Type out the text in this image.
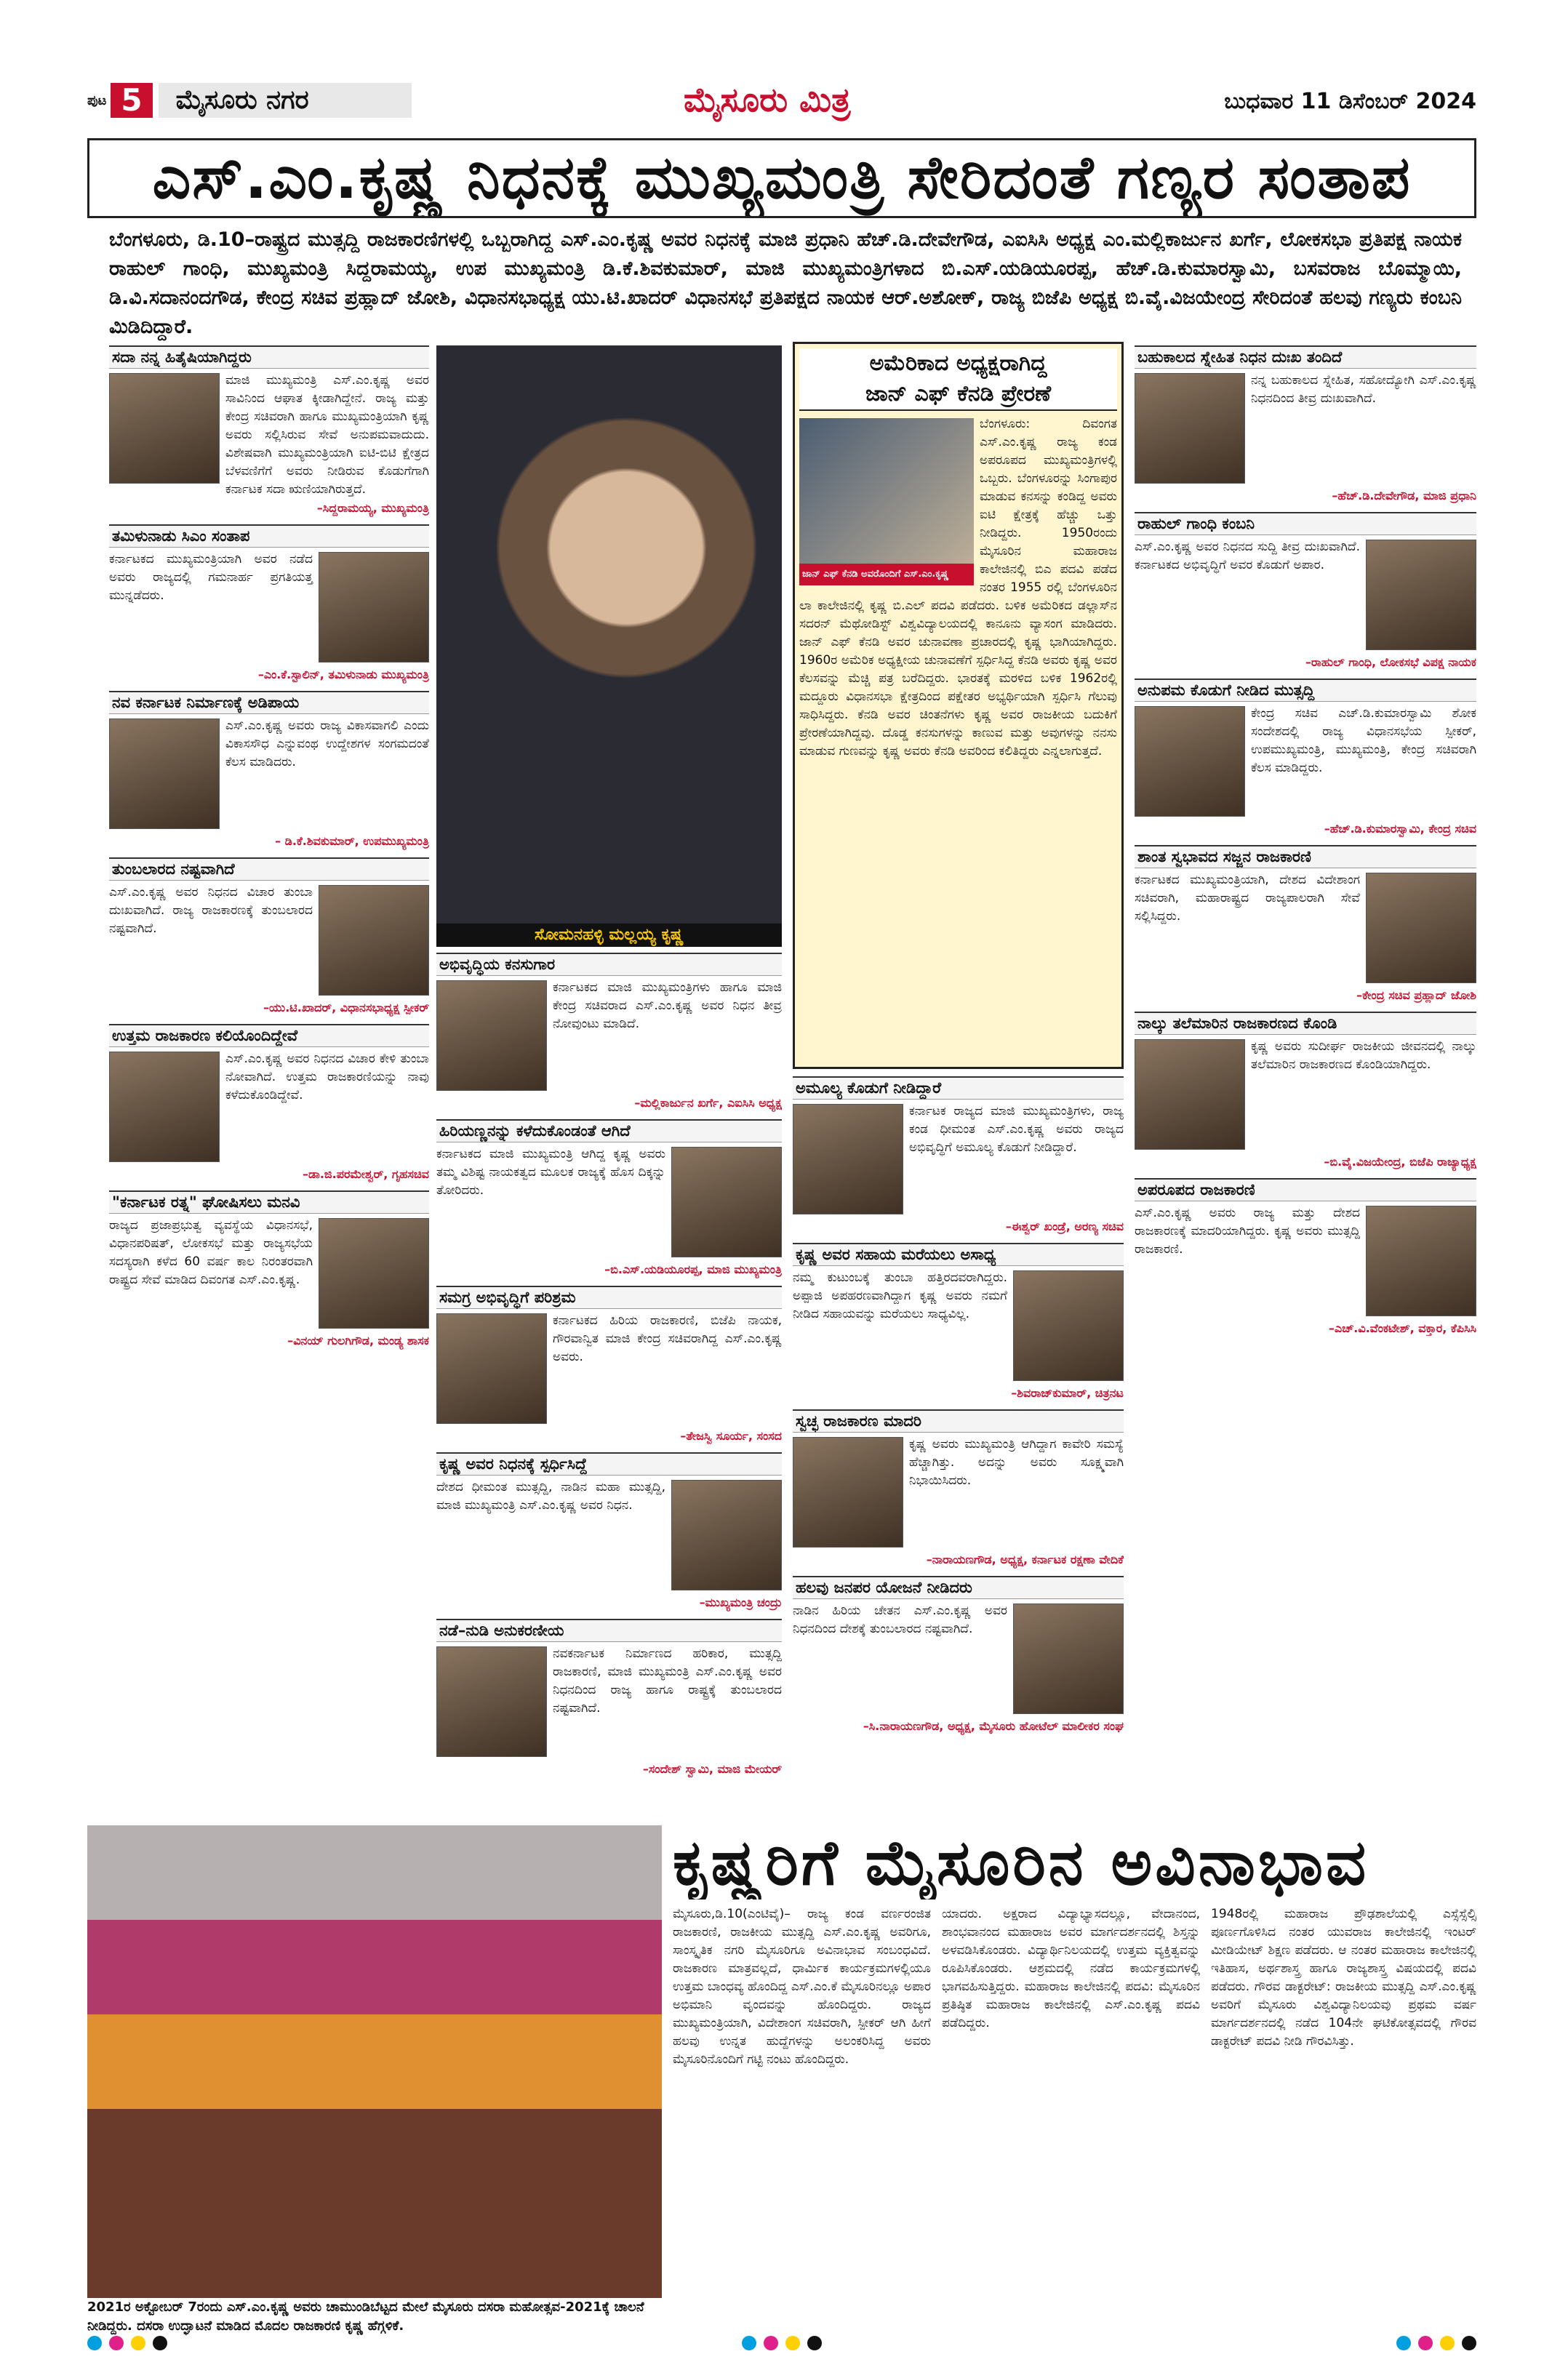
ಪುಟ 5	ಮೈಸೂರು ನಗರ	ಮೈಸೂರು ಮಿತ್ರ	ಬುಧವಾರ 11 ಡಿಸೆಂಬರ್ 2024
ಎಸ್.ಎಂ.ಕೃಷ್ಣ ನಿಧನಕ್ಕೆ ಮುಖ್ಯಮಂತ್ರಿ ಸೇರಿದಂತೆ ಗಣ್ಯರ ಸಂತಾಪ
ಬೆಂಗಳೂರು, ಡಿ.10–ರಾಷ್ಟ್ರದ ಮುತ್ಸದ್ದಿ ರಾಜಕಾರಣಿಗಳಲ್ಲಿ ಒಬ್ಬರಾಗಿದ್ದ ಎಸ್.ಎಂ.ಕೃಷ್ಣ ಅವರ ನಿಧನಕ್ಕೆ ಮಾಜಿ ಪ್ರಧಾನಿ ಹೆಚ್.ಡಿ.ದೇವೇಗೌಡ, ಎಐಸಿಸಿ ಅಧ್ಯಕ್ಷ ಎಂ.ಮಲ್ಲಿಕಾರ್ಜುನ ಖರ್ಗೆ, ಲೋಕಸಭಾ ಪ್ರತಿಪಕ್ಷ ನಾಯಕ ರಾಹುಲ್ ಗಾಂಧಿ, ಮುಖ್ಯಮಂತ್ರಿ ಸಿದ್ದರಾಮಯ್ಯ, ಉಪ ಮುಖ್ಯಮಂತ್ರಿ ಡಿ.ಕೆ.ಶಿವಕುಮಾರ್, ಮಾಜಿ ಮುಖ್ಯಮಂತ್ರಿಗಳಾದ ಬಿ.ಎಸ್.ಯಡಿಯೂರಪ್ಪ, ಹೆಚ್.ಡಿ.ಕುಮಾರಸ್ವಾಮಿ, ಬಸವರಾಜ ಬೊಮ್ಮಾಯಿ, ಡಿ.ವಿ.ಸದಾನಂದಗೌಡ, ಕೇಂದ್ರ ಸಚಿವ ಪ್ರಹ್ಲಾದ್ ಜೋಶಿ, ವಿಧಾನಸಭಾಧ್ಯಕ್ಷ ಯು.ಟಿ.ಖಾದರ್ ವಿಧಾನಸಭೆ ಪ್ರತಿಪಕ್ಷದ ನಾಯಕ ಆರ್.ಅಶೋಕ್, ರಾಜ್ಯ ಬಿಜೆಪಿ ಅಧ್ಯಕ್ಷ ಬಿ.ವೈ.ವಿಜಯೇಂದ್ರ ಸೇರಿದಂತೆ ಹಲವು ಗಣ್ಯರು ಕಂಬನಿ ಮಿಡಿದಿದ್ದಾರೆ.
ಸದಾ ನನ್ನ ಹಿತೈಷಿಯಾಗಿದ್ದರು
ಮಾಜಿ ಮುಖ್ಯಮಂತ್ರಿ ಎಸ್.ಎಂ.ಕೃಷ್ಣ ಅವರ ಸಾವಿನಿಂದ ಆಘಾತ ಕ್ಕೀಡಾಗಿದ್ದೇನೆ. ರಾಜ್ಯ ಮತ್ತು ಕೇಂದ್ರ ಸಚಿವರಾಗಿ ಹಾಗೂ ಮುಖ್ಯಮಂತ್ರಿಯಾಗಿ ಕೃಷ್ಣ ಅವರು ಸಲ್ಲಿಸಿರುವ ಸೇವೆ ಅನುಪಮವಾದುದು. ವಿಶೇಷವಾಗಿ ಮುಖ್ಯಮಂತ್ರಿಯಾಗಿ ಐಟಿ-ಬಿಟಿ ಕ್ಷೇತ್ರದ ಬೆಳವಣಿಗೆಗೆ ಅವರು ನೀಡಿರುವ ಕೊಡುಗೆಗಾಗಿ ಕರ್ನಾಟಕ ಸದಾ ಋಣಿಯಾಗಿರುತ್ತದೆ.
–ಸಿದ್ದರಾಮಯ್ಯ, ಮುಖ್ಯಮಂತ್ರಿ
ತಮಿಳುನಾಡು ಸಿಎಂ ಸಂತಾಪ
ಕರ್ನಾಟಕದ ಮುಖ್ಯಮಂತ್ರಿಯಾಗಿ ಅವರ ನಡೆದ ಅವರು ರಾಜ್ಯದಲ್ಲಿ ಗಮನಾರ್ಹ ಪ್ರಗತಿಯತ್ತ ಮುನ್ನಡೆದರು.
–ಎಂ.ಕೆ.ಸ್ಟಾಲಿನ್, ತಮಿಳುನಾಡು ಮುಖ್ಯಮಂತ್ರಿ
ನವ ಕರ್ನಾಟಕ ನಿರ್ಮಾಣಕ್ಕೆ ಅಡಿಪಾಯ
ಎಸ್.ಎಂ.ಕೃಷ್ಣ ಅವರು ರಾಜ್ಯ ವಿಕಾಸವಾಗಲಿ ಎಂದು ವಿಕಾಸಸೌಧ ಎನ್ನುವಂಥ ಉದ್ದೇಶಗಳ ಸಂಗಮದಂತೆ ಕೆಲಸ ಮಾಡಿದರು.
– ಡಿ.ಕೆ.ಶಿವಕುಮಾರ್, ಉಪಮುಖ್ಯಮಂತ್ರಿ
ತುಂಬಲಾರದ ನಷ್ಟವಾಗಿದೆ
ಎಸ್.ಎಂ.ಕೃಷ್ಣ ಅವರ ನಿಧನದ ವಿಚಾರ ತುಂಬಾ ದುಃಖವಾಗಿದೆ. ರಾಜ್ಯ ರಾಜಕಾರಣಕ್ಕೆ ತುಂಬಲಾರದ ನಷ್ಟವಾಗಿದೆ.
–ಯು.ಟಿ.ಖಾದರ್, ವಿಧಾನಸಭಾಧ್ಯಕ್ಷ ಸ್ಪೀಕರ್
ಉತ್ತಮ ರಾಜಕಾರಣ ಕಲಿಯೊಂದಿದ್ದೇವೆ
ಎಸ್.ಎಂ.ಕೃಷ್ಣ ಅವರ ನಿಧನದ ವಿಚಾರ ಕೇಳಿ ತುಂಬಾ ನೋವಾಗಿದೆ. ಉತ್ತಮ ರಾಜಕಾರಣಿಯನ್ನು ನಾವು ಕಳೆದುಕೊಂಡಿದ್ದೇವೆ.
–ಡಾ.ಜಿ.ಪರಮೇಶ್ವರ್, ಗೃಹಸಚಿವ
"ಕರ್ನಾಟಕ ರತ್ನ" ಘೋಷಿಸಲು ಮನವಿ
ರಾಜ್ಯದ ಪ್ರಜಾಪ್ರಭುತ್ವ ವ್ಯವಸ್ಥೆಯ ವಿಧಾನಸಭೆ, ವಿಧಾನಪರಿಷತ್, ಲೋಕಸಭೆ ಮತ್ತು ರಾಜ್ಯಸಭೆಯ ಸದಸ್ಯರಾಗಿ ಕಳೆದ 60 ವರ್ಷ ಕಾಲ ನಿರಂತರವಾಗಿ ರಾಷ್ಟ್ರದ ಸೇವೆ ಮಾಡಿದ ದಿವಂಗತ ಎಸ್.ಎಂ.ಕೃಷ್ಣ.
–ವಿನಯ್ ಗುಲಗಿಗೌಡ, ಮಂಡ್ಯ ಶಾಸಕ
ಸೋಮನಹಳ್ಳಿ ಮಲ್ಲಯ್ಯ ಕೃಷ್ಣ
ಅಭಿವೃದ್ಧಿಯ ಕನಸುಗಾರ
ಕರ್ನಾಟಕದ ಮಾಜಿ ಮುಖ್ಯಮಂತ್ರಿಗಳು ಹಾಗೂ ಮಾಜಿ ಕೇಂದ್ರ ಸಚಿವರಾದ ಎಸ್.ಎಂ.ಕೃಷ್ಣ ಅವರ ನಿಧನ ತೀವ್ರ ನೋವುಂಟು ಮಾಡಿದೆ.
–ಮಲ್ಲಿಕಾರ್ಜುನ ಖರ್ಗೆ, ಎಐಸಿಸಿ ಅಧ್ಯಕ್ಷ
ಹಿರಿಯಣ್ಣನನ್ನು ಕಳೆದುಕೊಂಡಂತೆ ಆಗಿದೆ
ಕರ್ನಾಟಕದ ಮಾಜಿ ಮುಖ್ಯಮಂತ್ರಿ ಆಗಿದ್ದ ಕೃಷ್ಣ ಅವರು ತಮ್ಮ ವಿಶಿಷ್ಟ ನಾಯಕತ್ವದ ಮೂಲಕ ರಾಜ್ಯಕ್ಕೆ ಹೊಸ ದಿಕ್ಕನ್ನು ತೋರಿದರು.
–ಬಿ.ಎಸ್.ಯಡಿಯೂರಪ್ಪ, ಮಾಜಿ ಮುಖ್ಯಮಂತ್ರಿ
ಸಮಗ್ರ ಅಭಿವೃದ್ಧಿಗೆ ಪರಿಶ್ರಮ
ಕರ್ನಾಟಕದ ಹಿರಿಯ ರಾಜಕಾರಣಿ, ಬಿಜೆಪಿ ನಾಯಕ, ಗೌರವಾನ್ವಿತ ಮಾಜಿ ಕೇಂದ್ರ ಸಚಿವರಾಗಿದ್ದ ಎಸ್.ಎಂ.ಕೃಷ್ಣ ಅವರು.
–ತೇಜಸ್ವಿ ಸೂರ್ಯ, ಸಂಸದ
ಕೃಷ್ಣ ಅವರ ನಿಧನಕ್ಕೆ ಸ್ಪರ್ಧಿಸಿದ್ದೆ
ದೇಶದ ಧೀಮಂತ ಮುತ್ಸದ್ದಿ, ನಾಡಿನ ಮಹಾ ಮುತ್ಸದ್ದಿ, ಮಾಜಿ ಮುಖ್ಯಮಂತ್ರಿ ಎಸ್.ಎಂ.ಕೃಷ್ಣ ಅವರ ನಿಧನ.
–ಮುಖ್ಯಮಂತ್ರಿ ಚಂದ್ರು
ನಡೆ–ನುಡಿ ಅನುಕರಣೀಯ
ನವಕರ್ನಾಟಕ ನಿರ್ಮಾಣದ ಹರಿಕಾರ, ಮುತ್ಸದ್ದಿ ರಾಜಕಾರಣಿ, ಮಾಜಿ ಮುಖ್ಯಮಂತ್ರಿ ಎಸ್.ಎಂ.ಕೃಷ್ಣ ಅವರ ನಿಧನದಿಂದ ರಾಜ್ಯ ಹಾಗೂ ರಾಷ್ಟ್ರಕ್ಕೆ ತುಂಬಲಾರದ ನಷ್ಟವಾಗಿದೆ.
–ಸಂದೇಶ್ ಸ್ವಾಮಿ, ಮಾಜಿ ಮೇಯರ್
ಅಮೆರಿಕಾದ ಅಧ್ಯಕ್ಷರಾಗಿದ್ದ
ಜಾನ್ ಎಫ್ ಕೆನಡಿ ಪ್ರೇರಣೆ
ಜಾನ್ ಎಫ್ ಕೆನಡಿ ಅವರೊಂದಿಗೆ ಎಸ್.ಎಂ.ಕೃಷ್ಣ
ಬೆಂಗಳೂರು: ದಿವಂಗತ ಎಸ್.ಎಂ.ಕೃಷ್ಣ ರಾಜ್ಯ ಕಂಡ ಅಪರೂಪದ ಮುಖ್ಯಮಂತ್ರಿಗಳಲ್ಲಿ ಒಬ್ಬರು. ಬೆಂಗಳೂರನ್ನು ಸಿಂಗಾಪುರ ಮಾಡುವ ಕನಸನ್ನು ಕಂಡಿದ್ದ ಅವರು ಐಟಿ ಕ್ಷೇತ್ರಕ್ಕೆ ಹೆಚ್ಚು ಒತ್ತು ನೀಡಿದ್ದರು. 1950ರಂದು ಮೈಸೂರಿನ ಮಹಾರಾಜ ಕಾಲೇಜಿನಲ್ಲಿ ಬಿಎ ಪದವಿ ಪಡೆದ ನಂತರ 1955 ರಲ್ಲಿ ಬೆಂಗಳೂರಿನ ಲಾ ಕಾಲೇಜಿನಲ್ಲಿ ಕೃಷ್ಣ ಬಿ.ಎಲ್ ಪದವಿ ಪಡೆದರು. ಬಳಿಕ ಅಮೆರಿಕದ ಡಲ್ಲಾಸ್‌ನ ಸದರನ್ ಮೆಥೋಡಿಸ್ಟ್ ವಿಶ್ವವಿದ್ಯಾಲಯದಲ್ಲಿ ಕಾನೂನು ವ್ಯಾಸಂಗ ಮಾಡಿದರು. ಜಾನ್ ಎಫ್ ಕೆನಡಿ ಅವರ ಚುನಾವಣಾ ಪ್ರಚಾರದಲ್ಲಿ ಕೃಷ್ಣ ಭಾಗಿಯಾಗಿದ್ದರು. 1960ರ ಅಮೆರಿಕ ಅಧ್ಯಕ್ಷೀಯ ಚುನಾವಣೆಗೆ ಸ್ಪರ್ಧಿಸಿದ್ದ ಕೆನಡಿ ಅವರು ಕೃಷ್ಣ ಅವರ ಕೆಲಸವನ್ನು ಮೆಚ್ಚಿ ಪತ್ರ ಬರೆದಿದ್ದರು. ಭಾರತಕ್ಕೆ ಮರಳಿದ ಬಳಿಕ 1962ರಲ್ಲಿ ಮದ್ದೂರು ವಿಧಾನಸಭಾ ಕ್ಷೇತ್ರದಿಂದ ಪಕ್ಷೇತರ ಅಭ್ಯರ್ಥಿಯಾಗಿ ಸ್ಪರ್ಧಿಸಿ ಗೆಲುವು ಸಾಧಿಸಿದ್ದರು. ಕೆನಡಿ ಅವರ ಚಿಂತನೆಗಳು ಕೃಷ್ಣ ಅವರ ರಾಜಕೀಯ ಬದುಕಿಗೆ ಪ್ರೇರಣೆಯಾಗಿದ್ದವು. ದೊಡ್ಡ ಕನಸುಗಳನ್ನು ಕಾಣುವ ಮತ್ತು ಅವುಗಳನ್ನು ನನಸು ಮಾಡುವ ಗುಣವನ್ನು ಕೃಷ್ಣ ಅವರು ಕೆನಡಿ ಅವರಿಂದ ಕಲಿತಿದ್ದರು ಎನ್ನಲಾಗುತ್ತದೆ.
ಅಮೂಲ್ಯ ಕೊಡುಗೆ ನೀಡಿದ್ದಾರೆ
ಕರ್ನಾಟಕ ರಾಜ್ಯದ ಮಾಜಿ ಮುಖ್ಯಮಂತ್ರಿಗಳು, ರಾಜ್ಯ ಕಂಡ ಧೀಮಂತ ಎಸ್.ಎಂ.ಕೃಷ್ಣ ಅವರು ರಾಜ್ಯದ ಅಭಿವೃದ್ಧಿಗೆ ಅಮೂಲ್ಯ ಕೊಡುಗೆ ನೀಡಿದ್ದಾರೆ.
–ಈಶ್ವರ್ ಖಂಡ್ರೆ, ಅರಣ್ಯ ಸಚಿವ
ಕೃಷ್ಣ ಅವರ ಸಹಾಯ ಮರೆಯಲು ಅಸಾಧ್ಯ
ನಮ್ಮ ಕುಟುಂಬಕ್ಕೆ ತುಂಬಾ ಹತ್ತಿರದವರಾಗಿದ್ದರು. ಅಪ್ಪಾಜಿ ಅಪಹರಣವಾಗಿದ್ದಾಗ ಕೃಷ್ಣ ಅವರು ನಮಗೆ ನೀಡಿದ ಸಹಾಯವನ್ನು ಮರೆಯಲು ಸಾಧ್ಯವಿಲ್ಲ.
–ಶಿವರಾಜ್‌ಕುಮಾರ್, ಚಿತ್ರನಟ
ಸ್ವಚ್ಛ ರಾಜಕಾರಣ ಮಾದರಿ
ಕೃಷ್ಣ ಅವರು ಮುಖ್ಯಮಂತ್ರಿ ಆಗಿದ್ದಾಗ ಕಾವೇರಿ ಸಮಸ್ಯೆ ಹೆಚ್ಚಾಗಿತ್ತು. ಅದನ್ನು ಅವರು ಸೂಕ್ಷ್ಮವಾಗಿ ನಿಭಾಯಿಸಿದರು.
–ನಾರಾಯಣಗೌಡ, ಅಧ್ಯಕ್ಷ, ಕರ್ನಾಟಕ ರಕ್ಷಣಾ ವೇದಿಕೆ
ಹಲವು ಜನಪರ ಯೋಜನೆ ನೀಡಿದರು
ನಾಡಿನ ಹಿರಿಯ ಚೇತನ ಎಸ್.ಎಂ.ಕೃಷ್ಣ ಅವರ ನಿಧನದಿಂದ ದೇಶಕ್ಕೆ ತುಂಬಲಾರದ ನಷ್ಟವಾಗಿದೆ.
–ಸಿ.ನಾರಾಯಣಗೌಡ, ಅಧ್ಯಕ್ಷ, ಮೈಸೂರು ಹೋಟೆಲ್ ಮಾಲೀಕರ ಸಂಘ
ಬಹುಕಾಲದ ಸ್ನೇಹಿತ ನಿಧನ ದುಃಖ ತಂದಿದೆ
ನನ್ನ ಬಹುಕಾಲದ ಸ್ನೇಹಿತ, ಸಹೋದ್ಯೋಗಿ ಎಸ್.ಎಂ.ಕೃಷ್ಣ ನಿಧನದಿಂದ ತೀವ್ರ ದುಃಖವಾಗಿದೆ.
–ಹೆಚ್.ಡಿ.ದೇವೇಗೌಡ, ಮಾಜಿ ಪ್ರಧಾನಿ
ರಾಹುಲ್ ಗಾಂಧಿ ಕಂಬನಿ
ಎಸ್.ಎಂ.ಕೃಷ್ಣ ಅವರ ನಿಧನದ ಸುದ್ದಿ ತೀವ್ರ ದುಃಖವಾಗಿದೆ. ಕರ್ನಾಟಕದ ಅಭಿವೃದ್ಧಿಗೆ ಅವರ ಕೊಡುಗೆ ಅಪಾರ.
–ರಾಹುಲ್ ಗಾಂಧಿ, ಲೋಕಸಭೆ ವಿಪಕ್ಷ ನಾಯಕ
ಅನುಪಮ ಕೊಡುಗೆ ನೀಡಿದ ಮುತ್ಸದ್ದಿ
ಕೇಂದ್ರ ಸಚಿವ ಎಚ್.ಡಿ.ಕುಮಾರಸ್ವಾಮಿ ಶೋಕ ಸಂದೇಶದಲ್ಲಿ ರಾಜ್ಯ ವಿಧಾನಸಭೆಯ ಸ್ಪೀಕರ್, ಉಪಮುಖ್ಯಮಂತ್ರಿ, ಮುಖ್ಯಮಂತ್ರಿ, ಕೇಂದ್ರ ಸಚಿವರಾಗಿ ಕೆಲಸ ಮಾಡಿದ್ದರು.
–ಹೆಚ್.ಡಿ.ಕುಮಾರಸ್ವಾಮಿ, ಕೇಂದ್ರ ಸಚಿವ
ಶಾಂತ ಸ್ವಭಾವದ ಸಜ್ಜನ ರಾಜಕಾರಣಿ
ಕರ್ನಾಟಕದ ಮುಖ್ಯಮಂತ್ರಿಯಾಗಿ, ದೇಶದ ವಿದೇಶಾಂಗ ಸಚಿವರಾಗಿ, ಮಹಾರಾಷ್ಟ್ರದ ರಾಜ್ಯಪಾಲರಾಗಿ ಸೇವೆ ಸಲ್ಲಿಸಿದ್ದರು.
–ಕೇಂದ್ರ ಸಚಿವ ಪ್ರಹ್ಲಾದ್ ಜೋಶಿ
ನಾಲ್ಕು ತಲೆಮಾರಿನ ರಾಜಕಾರಣದ ಕೊಂಡಿ
ಕೃಷ್ಣ ಅವರು ಸುದೀರ್ಘ ರಾಜಕೀಯ ಜೀವನದಲ್ಲಿ ನಾಲ್ಕು ತಲೆಮಾರಿನ ರಾಜಕಾರಣದ ಕೊಂಡಿಯಾಗಿದ್ದರು.
–ಬಿ.ವೈ.ವಿಜಯೇಂದ್ರ, ಬಿಜೆಪಿ ರಾಜ್ಯಾಧ್ಯಕ್ಷ
ಅಪರೂಪದ ರಾಜಕಾರಣಿ
ಎಸ್.ಎಂ.ಕೃಷ್ಣ ಅವರು ರಾಜ್ಯ ಮತ್ತು ದೇಶದ ರಾಜಕಾರಣಕ್ಕೆ ಮಾದರಿಯಾಗಿದ್ದರು. ಕೃಷ್ಣ ಅವರು ಮುತ್ಸದ್ದಿ ರಾಜಕಾರಣಿ.
–ಎಚ್.ವಿ.ವೆಂಕಟೇಶ್, ವಕ್ತಾರ, ಕೆಪಿಸಿಸಿ
2021ರ ಅಕ್ಟೋಬರ್ 7ರಂದು ಎಸ್.ಎಂ.ಕೃಷ್ಣ ಅವರು ಚಾಮುಂಡಿಬೆಟ್ಟದ ಮೇಲೆ ಮೈಸೂರು ದಸರಾ ಮಹೋತ್ಸವ-2021ಕ್ಕೆ ಚಾಲನೆ ನೀಡಿದ್ದರು. ದಸರಾ ಉದ್ಘಾಟನೆ ಮಾಡಿದ ಮೊದಲ ರಾಜಕಾರಣಿ ಕೃಷ್ಣ ಹೆಗ್ಗಳಿಕೆ.
ಕೃಷ್ಣರಿಗೆ ಮೈಸೂರಿನ ಅವಿನಾಭಾವ
ಮೈಸೂರು,ಡಿ.10(ಎಂಟಿವೈ)– ರಾಜ್ಯ ಕಂಡ ವರ್ಣರಂಜಿತ ರಾಜಕಾರಣಿ, ರಾಜಕೀಯ ಮುತ್ಸದ್ದಿ ಎಸ್.ಎಂ.ಕೃಷ್ಣ ಅವರಿಗೂ, ಸಾಂಸ್ಕೃತಿಕ ನಗರಿ ಮೈಸೂರಿಗೂ ಅವಿನಾಭಾವ ಸಂಬಂಧವಿದೆ. ರಾಜಕಾರಣ ಮಾತ್ರವಲ್ಲದೆ, ಧಾರ್ಮಿಕ ಕಾರ್ಯಕ್ರಮಗಳಲ್ಲಿಯೂ ಉತ್ತಮ ಬಾಂಧವ್ಯ ಹೊಂದಿದ್ದ ಎಸ್.ಎಂ.ಕೆ ಮೈಸೂರಿನಲ್ಲೂ ಅಪಾರ ಅಭಿಮಾನಿ ವೃಂದವನ್ನು ಹೊಂದಿದ್ದರು. ರಾಜ್ಯದ ಮುಖ್ಯಮಂತ್ರಿಯಾಗಿ, ವಿದೇಶಾಂಗ ಸಚಿವರಾಗಿ, ಸ್ಪೀಕರ್ ಆಗಿ ಹೀಗೆ ಹಲವು ಉನ್ನತ ಹುದ್ದೆಗಳನ್ನು ಅಲಂಕರಿಸಿದ್ದ ಅವರು ಮೈಸೂರಿನೊಂದಿಗೆ ಗಟ್ಟಿ ನಂಟು ಹೊಂದಿದ್ದರು.
ಯಾದರು. ಅಕ್ಷರಾದ ವಿದ್ಯಾಭ್ಯಾಸದಲ್ಲೂ, ವೇದಾನಂದ, ಶಾಂಭವಾನಂದ ಮಹಾರಾಜ ಅವರ ಮಾರ್ಗದರ್ಶನದಲ್ಲಿ ಶಿಸ್ತನ್ನು ಅಳವಡಿಸಿಕೊಂಡರು. ವಿದ್ಯಾರ್ಥಿನಿಲಯದಲ್ಲಿ ಉತ್ತಮ ವ್ಯಕ್ತಿತ್ವವನ್ನು ರೂಪಿಸಿಕೊಂಡರು. ಆಶ್ರಮದಲ್ಲಿ ನಡೆದ ಕಾರ್ಯಕ್ರಮಗಳಲ್ಲಿ ಭಾಗವಹಿಸುತ್ತಿದ್ದರು. ಮಹಾರಾಜ ಕಾಲೇಜಿನಲ್ಲಿ ಪದವಿ: ಮೈಸೂರಿನ ಪ್ರತಿಷ್ಠಿತ ಮಹಾರಾಜ ಕಾಲೇಜಿನಲ್ಲಿ ಎಸ್.ಎಂ.ಕೃಷ್ಣ ಪದವಿ ಪಡೆದಿದ್ದರು.
1948ರಲ್ಲಿ ಮಹಾರಾಜ ಪ್ರೌಢಶಾಲೆಯಲ್ಲಿ ಎಸ್ಸೆಸ್ಸೆಲ್ಸಿ ಪೂರ್ಣಗೊಳಿಸಿದ ನಂತರ ಯುವರಾಜ ಕಾಲೇಜಿನಲ್ಲಿ ಇಂಟರ್ ಮೀಡಿಯೇಟ್ ಶಿಕ್ಷಣ ಪಡೆದರು. ಆ ನಂತರ ಮಹಾರಾಜ ಕಾಲೇಜಿನಲ್ಲಿ ಇತಿಹಾಸ, ಅರ್ಥಶಾಸ್ತ್ರ ಹಾಗೂ ರಾಜ್ಯಶಾಸ್ತ್ರ ವಿಷಯದಲ್ಲಿ ಪದವಿ ಪಡೆದರು. ಗೌರವ ಡಾಕ್ಟರೇಟ್: ರಾಜಕೀಯ ಮುತ್ಸದ್ದಿ ಎಸ್.ಎಂ.ಕೃಷ್ಣ ಅವರಿಗೆ ಮೈಸೂರು ವಿಶ್ವವಿದ್ಯಾನಿಲಯವು ಪ್ರಥಮ ವರ್ಷ ಮಾರ್ಗದರ್ಶನದಲ್ಲಿ ನಡೆದ 104ನೇ ಘಟಿಕೋತ್ಸವದಲ್ಲಿ ಗೌರವ ಡಾಕ್ಟರೇಟ್ ಪದವಿ ನೀಡಿ ಗೌರವಿಸಿತ್ತು.
